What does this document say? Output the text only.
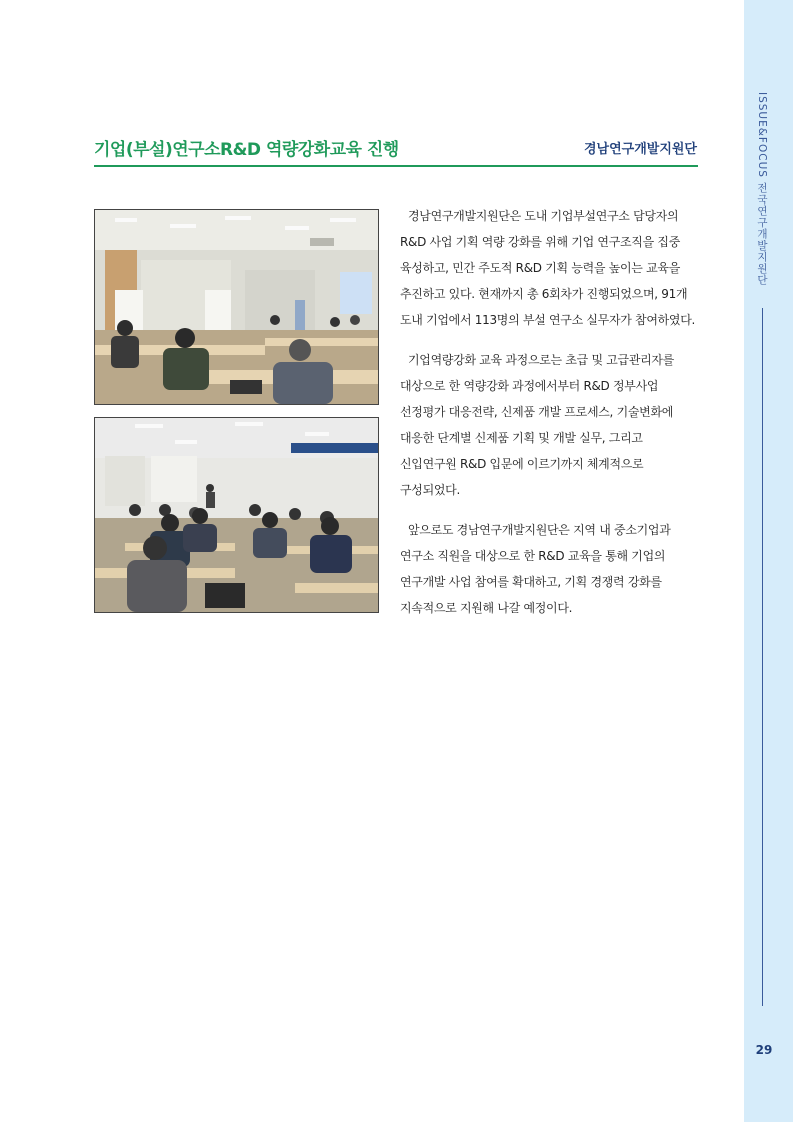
ISSUE&FOCUS 전국연구개발지원단
29
기업(부설)연구소R&D 역량강화교육 진행	경남연구개발지원단

경남연구개발지원단은 도내 기업부설연구소 담당자의 R&D 사업 기획 역량 강화를 위해 기업 연구조직을 집중 육성하고, 민간 주도적 R&D 기획 능력을 높이는 교육을 추진하고 있다. 현재까지 총 6회차가 진행되었으며, 91개 도내 기업에서 113명의 부설 연구소 실무자가 참여하였다.

기업역량강화 교육 과정으로는 초급 및 고급관리자를 대상으로 한 역량강화 과정에서부터 R&D 정부사업 선정평가 대응전략, 신제품 개발 프로세스, 기술변화에 대응한 단계별 신제품 기획 및 개발 실무, 그리고 신입연구원 R&D 입문에 이르기까지 체계적으로 구성되었다.

앞으로도 경남연구개발지원단은 지역 내 중소기업과 연구소 직원을 대상으로 한 R&D 교육을 통해 기업의 연구개발 사업 참여를 확대하고, 기획 경쟁력 강화를 지속적으로 지원해 나갈 예정이다.
